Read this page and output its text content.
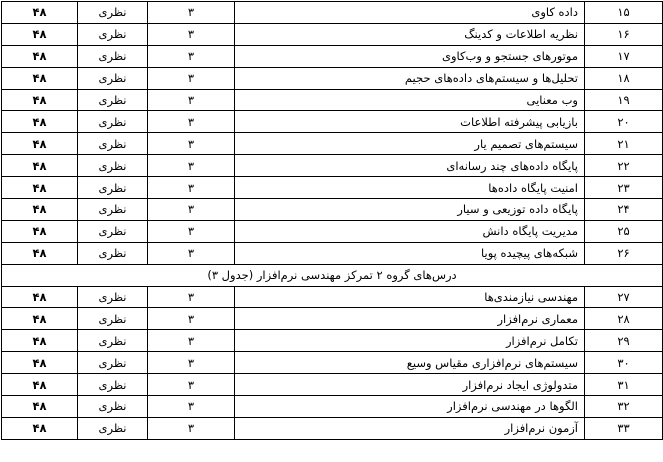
۱۵	داده کاوی	۳	نظری	۴۸
۱۶	نظریه اطلاعات و کدینگ	۳	نظری	۴۸
۱۷	موتورهای جستجو و وب‌کاوی	۳	نظری	۴۸
۱۸	تحلیل‌ها و سیستم‌های داده‌های حجیم	۳	نظری	۴۸
۱۹	وب معنایی	۳	نظری	۴۸
۲۰	بازیابی پیشرفته اطلاعات	۳	نظری	۴۸
۲۱	سیستم‌های تصمیم یار	۳	نظری	۴۸
۲۲	پایگاه داده‌های چند رسانه‌ای	۳	نظری	۴۸
۲۳	امنیت پایگاه داده‌ها	۳	نظری	۴۸
۲۴	پایگاه داده توزیعی و سیار	۳	نظری	۴۸
۲۵	مدیریت پایگاه دانش	۳	نظری	۴۸
۲۶	شبکه‌های پیچیده پویا	۳	نظری	۴۸
درس‌های گروه ۲ تمرکز مهندسی نرم‌افزار (جدول ۳)				
۲۷	مهندسی نیازمندی‌ها	۳	نظری	۴۸
۲۸	معماری نرم‌افزار	۳	نظری	۴۸
۲۹	تکامل نرم‌افزار	۳	نظری	۴۸
۳۰	سیستم‌های نرم‌افزاری مقیاس وسیع	۳	نظری	۴۸
۳۱	متدولوژی ایجاد نرم‌افزار	۳	نظری	۴۸
۳۲	الگوها در مهندسی نرم‌افزار	۳	نظری	۴۸
۳۳	آزمون نرم‌افزار	۳	نظری	۴۸
